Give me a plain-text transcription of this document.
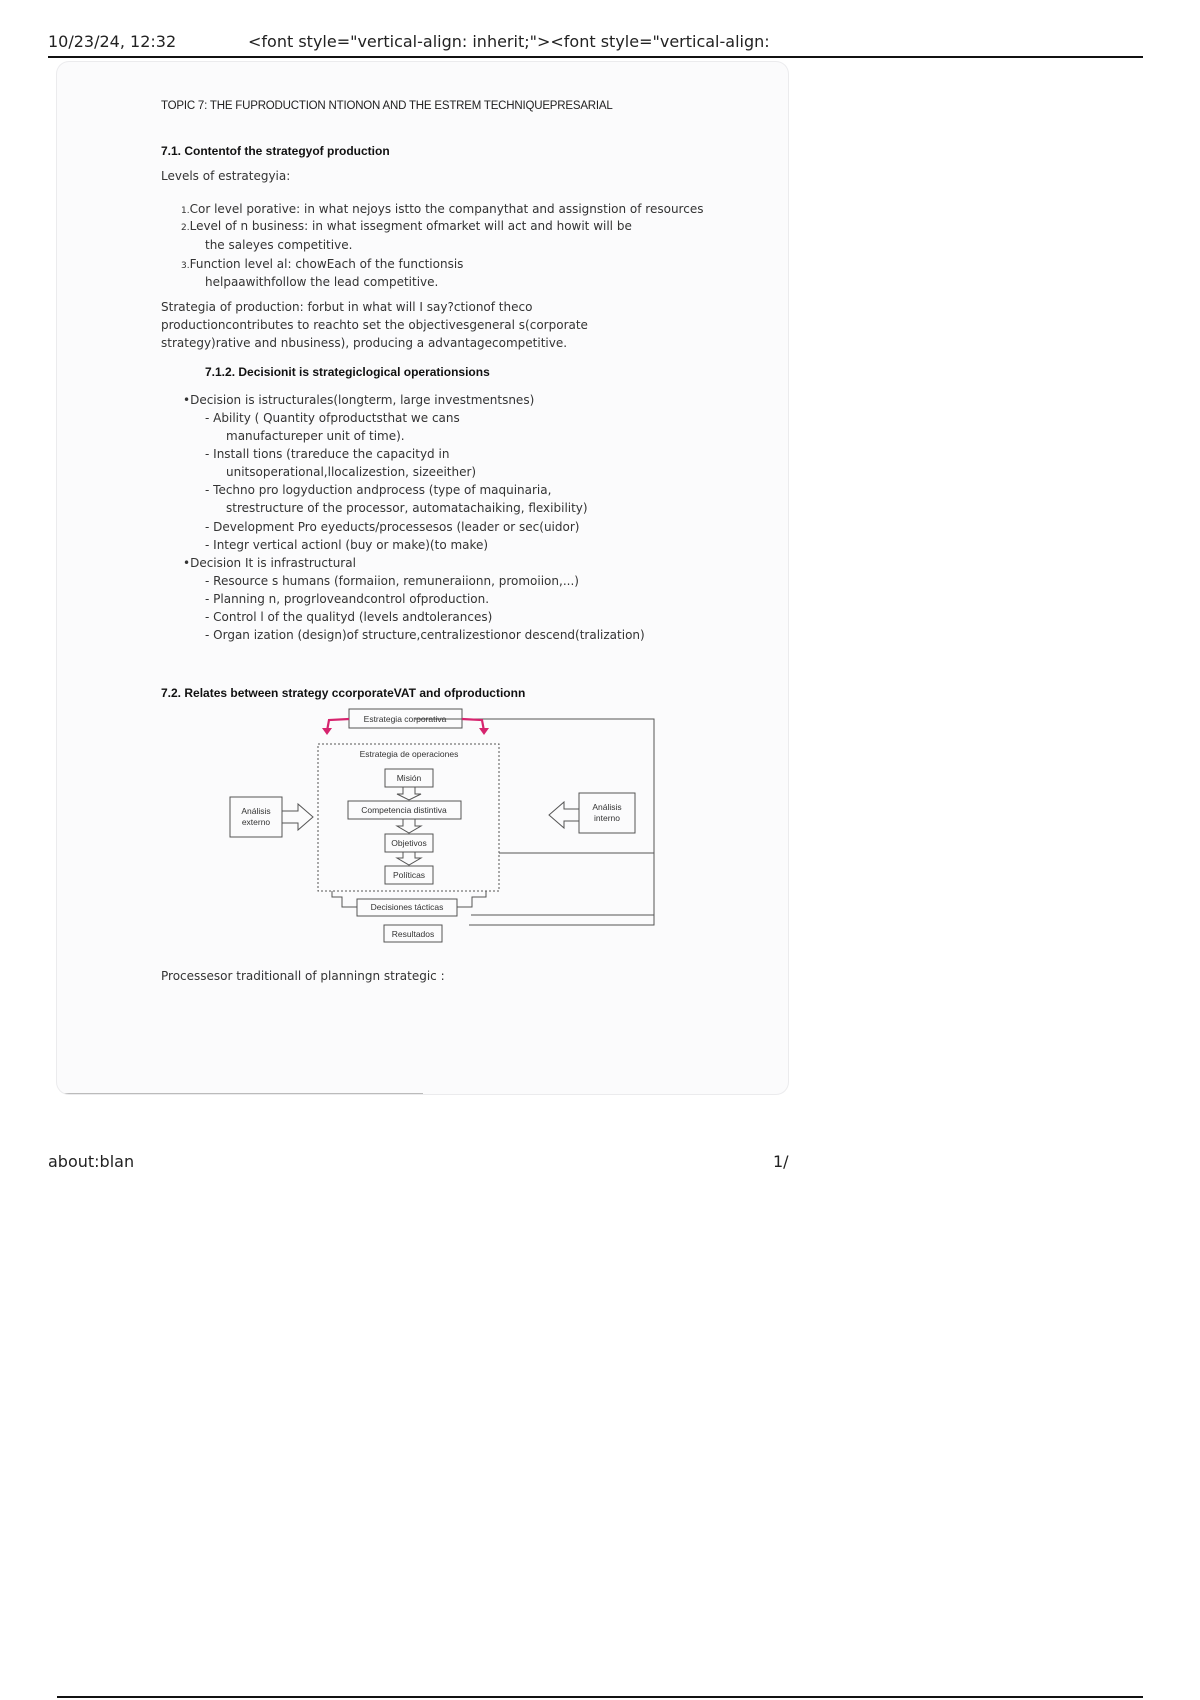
10/23/24, 12:32	<font style="vertical-align: inherit;"><font style="vertical-align:
TOPIC 7: THE FUPRODUCTION NTIONON AND THE ESTREM TECHNIQUEPRESARIAL
7.1. Contentof the strategyof production
Levels of estrategyia:
1.Cor level porative: in what nejoys istto the companythat and assignstion of resources
2.Level of n business: in what issegment ofmarket will act and howit will be
the saleyes competitive.
3.Function level al: chowEach of the functionsis
helpaawithfollow the lead competitive.
Strategia of production: forbut in what will I say?ctionof theco
productioncontributes to reachto set the objectivesgeneral s(corporate
strategy)rative and nbusiness), producing a advantagecompetitive.
7.1.2. Decisionit is strategiclogical operationsions
•Decision is istructurales(longterm, large investmentsnes)
- Ability ( Quantity ofproductsthat we cans
manufactureper unit of time).
- Install tions (trareduce the capacityd in
unitsoperational,llocalizestion, sizeeither)
- Techno pro logyduction andprocess (type of maquinaria,
strestructure of the processor, automatachaiking, flexibility)
- Development Pro eyeducts/processesos (leader or sec(uidor)
- Integr vertical actionl (buy or make)(to make)
•Decision It is infrastructural
- Resource s humans (formaiion, remuneraiionn, promoiion,...)
- Planning n, progrloveandcontrol ofproduction.
- Control l of the qualityd (levels andtolerances)
- Organ ization (design)of structure,centralizestionor descend(tralization)
7.2. Relates between strategy ccorporateVAT and ofproductionn
Estrategia corporativa
Estrategia de operaciones
Misión
Competencia distintiva
Objetivos
Políticas
Decisiones tácticas
Resultados
Análisis
externo
Análisis
interno
Processesor traditionall of planningn strategic :
about:blan	1/
